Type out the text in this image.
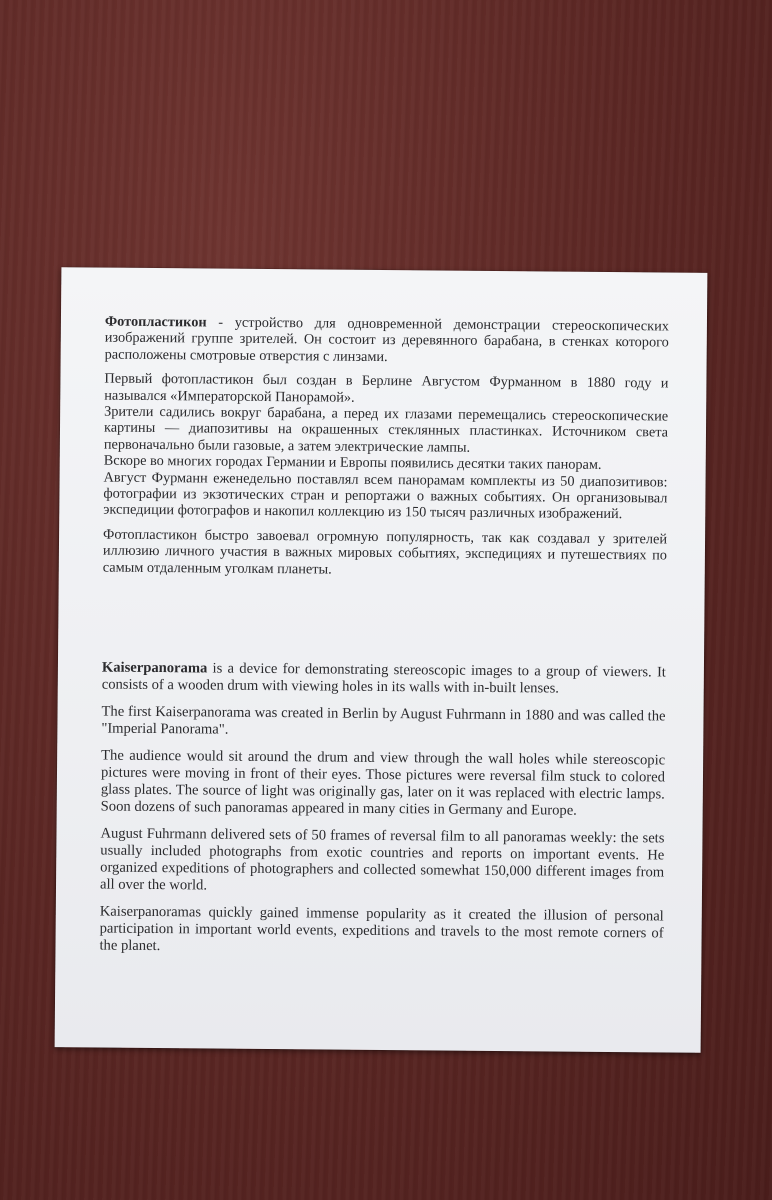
Фотопластикон - устройство для одновременной демонстрации стереоскопических изображений группе зрителей. Он состоит из деревянного барабана, в стенках которого расположены смотровые отверстия с линзами.

Первый фотопластикон был создан в Берлине Августом Фурманном в 1880 году и назывался «Императорской Панорамой».
Зрители садились вокруг барабана, а перед их глазами перемещались стереоскопические картины — диапозитивы на окрашенных стеклянных пластинках. Источником света первоначально были газовые, а затем электрические лампы.
Вскоре во многих городах Германии и Европы появились десятки таких панорам.
Август Фурманн еженедельно поставлял всем панорамам комплекты из 50 диапозитивов: фотографии из экзотических стран и репортажи о важных событиях. Он организовывал экспедиции фотографов и накопил коллекцию из 150 тысяч различных изображений.

Фотопластикон быстро завоевал огромную популярность, так как создавал у зрителей иллюзию личного участия в важных мировых событиях, экспедициях и путешествиях по самым отдаленным уголкам планеты.

Kaiserpanorama is a device for demonstrating stereoscopic images to a group of viewers. It consists of a wooden drum with viewing holes in its walls with in-built lenses.

The first Kaiserpanorama was created in Berlin by August Fuhrmann in 1880 and was called the "Imperial Panorama".

The audience would sit around the drum and view through the wall holes while stereoscopic pictures were moving in front of their eyes. Those pictures were reversal film stuck to colored glass plates. The source of light was originally gas, later on it was replaced with electric lamps. Soon dozens of such panoramas appeared in many cities in Germany and Europe.

August Fuhrmann delivered sets of 50 frames of reversal film to all panoramas weekly: the sets usually included photographs from exotic countries and reports on important events. He organized expeditions of photographers and collected somewhat 150,000 different images from all over the world.

Kaiserpanoramas quickly gained immense popularity as it created the illusion of personal participation in important world events, expeditions and travels to the most remote corners of the planet.
